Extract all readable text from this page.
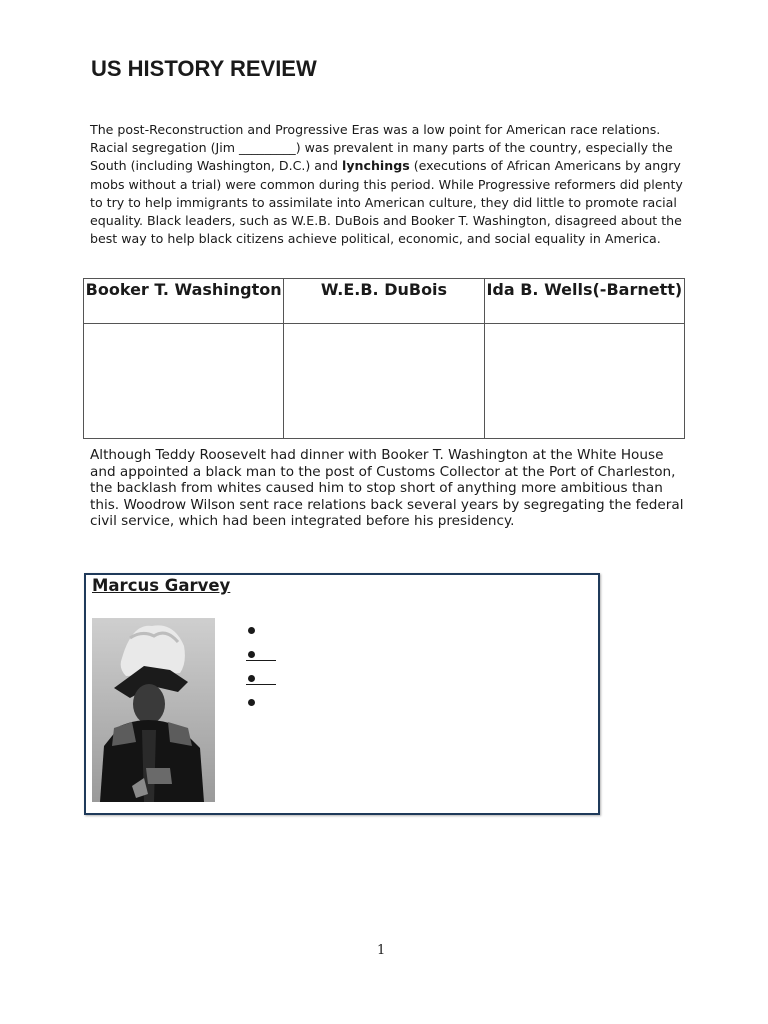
US HISTORY REVIEW
The post-Reconstruction and Progressive Eras was a low point for American race relations. Racial segregation (Jim _________) was prevalent in many parts of the country, especially the South (including Washington, D.C.) and lynchings (executions of African Americans by angry mobs without a trial) were common during this period. While Progressive reformers did plenty to try to help immigrants to assimilate into American culture, they did little to promote racial equality. Black leaders, such as W.E.B. DuBois and Booker T. Washington, disagreed about the best way to help black citizens achieve political, economic, and social equality in America.
Booker T. Washington	W.E.B. DuBois	Ida B. Wells(-Barnett)

Although Teddy Roosevelt had dinner with Booker T. Washington at the White House and appointed a black man to the post of Customs Collector at the Port of Charleston, the backlash from whites caused him to stop short of anything more ambitious than this. Woodrow Wilson sent race relations back several years by segregating the federal civil service, which had been integrated before his presidency.
Marcus Garvey
1
